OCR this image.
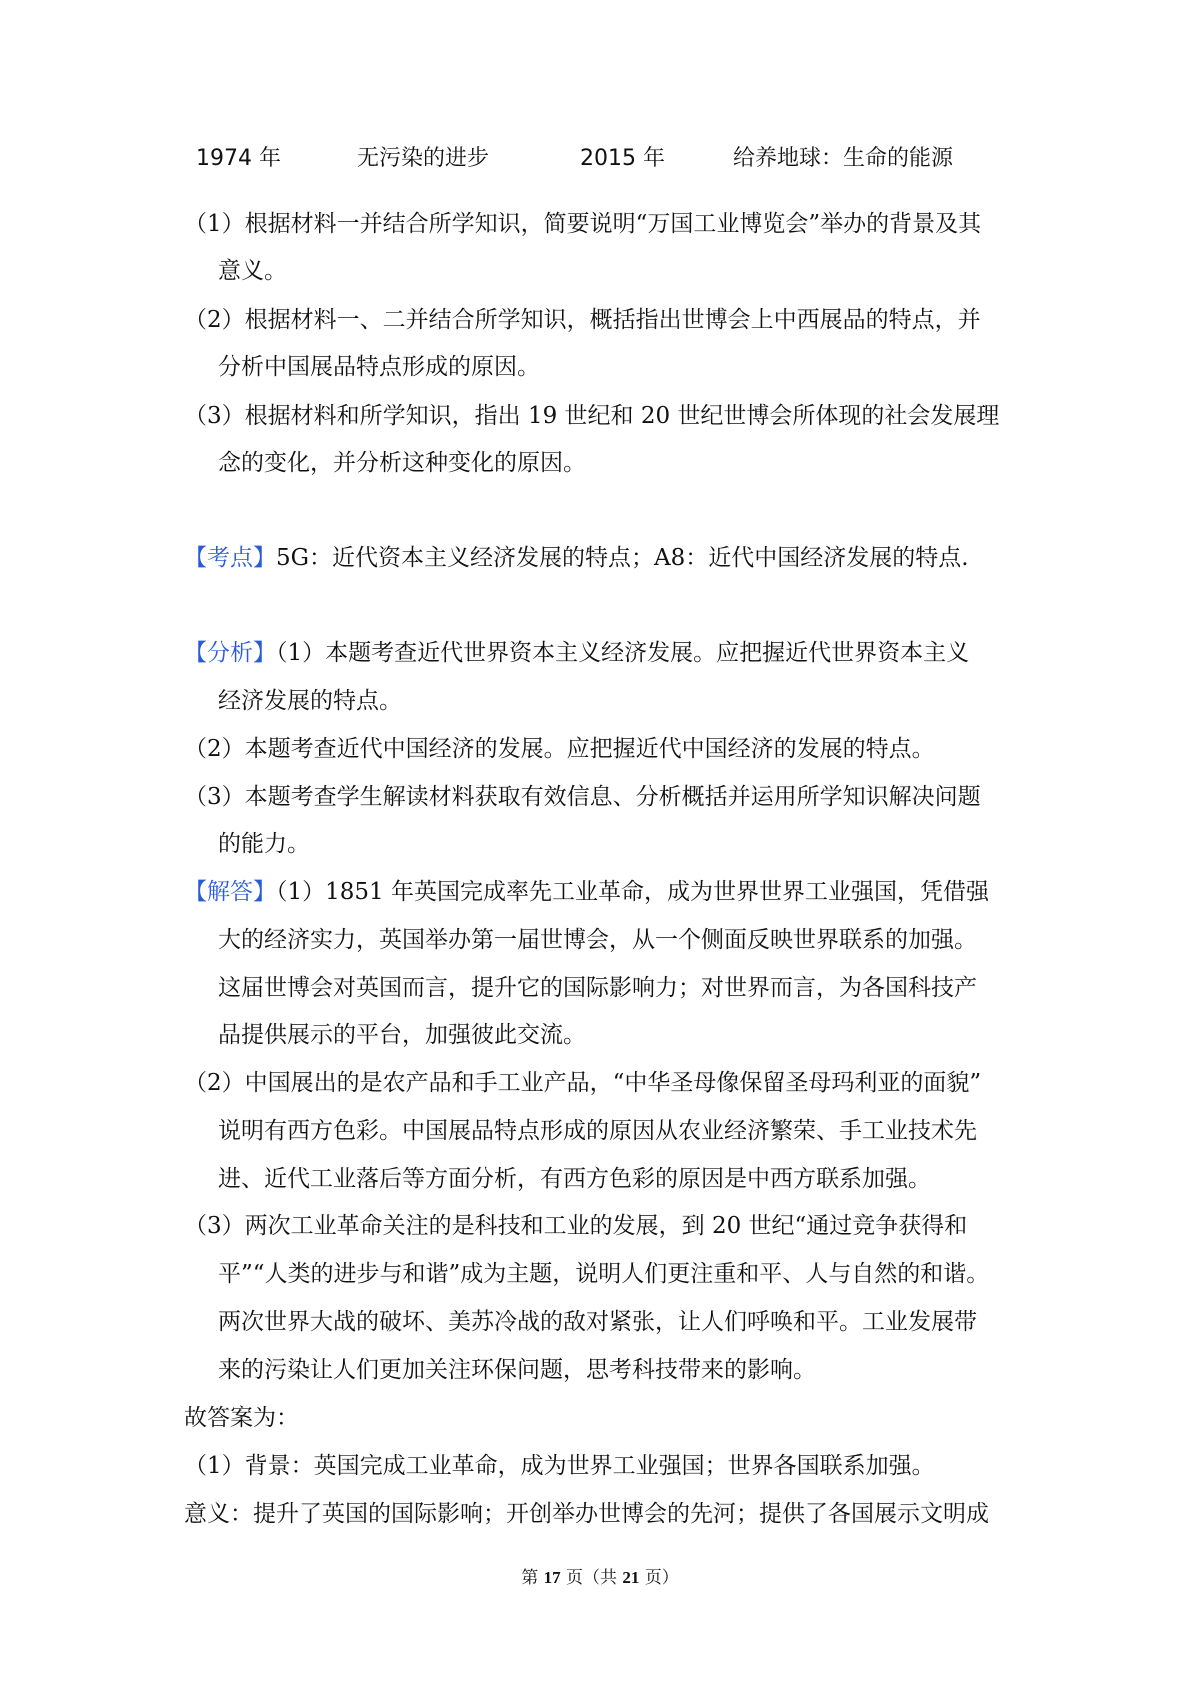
1974 年	无污染的进步	2015 年	给养地球：生命的能源
（1）根据材料一并结合所学知识，简要说明“万国工业博览会”举办的背景及其
意义。
（2）根据材料一、二并结合所学知识，概括指出世博会上中西展品的特点，并
分析中国展品特点形成的原因。
（3）根据材料和所学知识，指出 19 世纪和 20 世纪世博会所体现的社会发展理
念的变化，并分析这种变化的原因。
【考点】5G：近代资本主义经济发展的特点；A8：近代中国经济发展的特点.
【分析】（1）本题考查近代世界资本主义经济发展。应把握近代世界资本主义
经济发展的特点。
（2）本题考查近代中国经济的发展。应把握近代中国经济的发展的特点。
（3）本题考查学生解读材料获取有效信息、分析概括并运用所学知识解决问题
的能力。
【解答】（1）1851 年英国完成率先工业革命，成为世界世界工业强国，凭借强
大的经济实力，英国举办第一届世博会，从一个侧面反映世界联系的加强。
这届世博会对英国而言，提升它的国际影响力；对世界而言，为各国科技产
品提供展示的平台，加强彼此交流。
（2）中国展出的是农产品和手工业产品，“中华圣母像保留圣母玛利亚的面貌”
说明有西方色彩。中国展品特点形成的原因从农业经济繁荣、手工业技术先
进、近代工业落后等方面分析，有西方色彩的原因是中西方联系加强。
（3）两次工业革命关注的是科技和工业的发展，到 20 世纪“通过竞争获得和
平”“人类的进步与和谐”成为主题，说明人们更注重和平、人与自然的和谐。
两次世界大战的破坏、美苏冷战的敌对紧张，让人们呼唤和平。工业发展带
来的污染让人们更加关注环保问题，思考科技带来的影响。
故答案为：
（1）背景：英国完成工业革命，成为世界工业强国；世界各国联系加强。
意义：提升了英国的国际影响；开创举办世博会的先河；提供了各国展示文明成
第 17 页（共 21 页）
